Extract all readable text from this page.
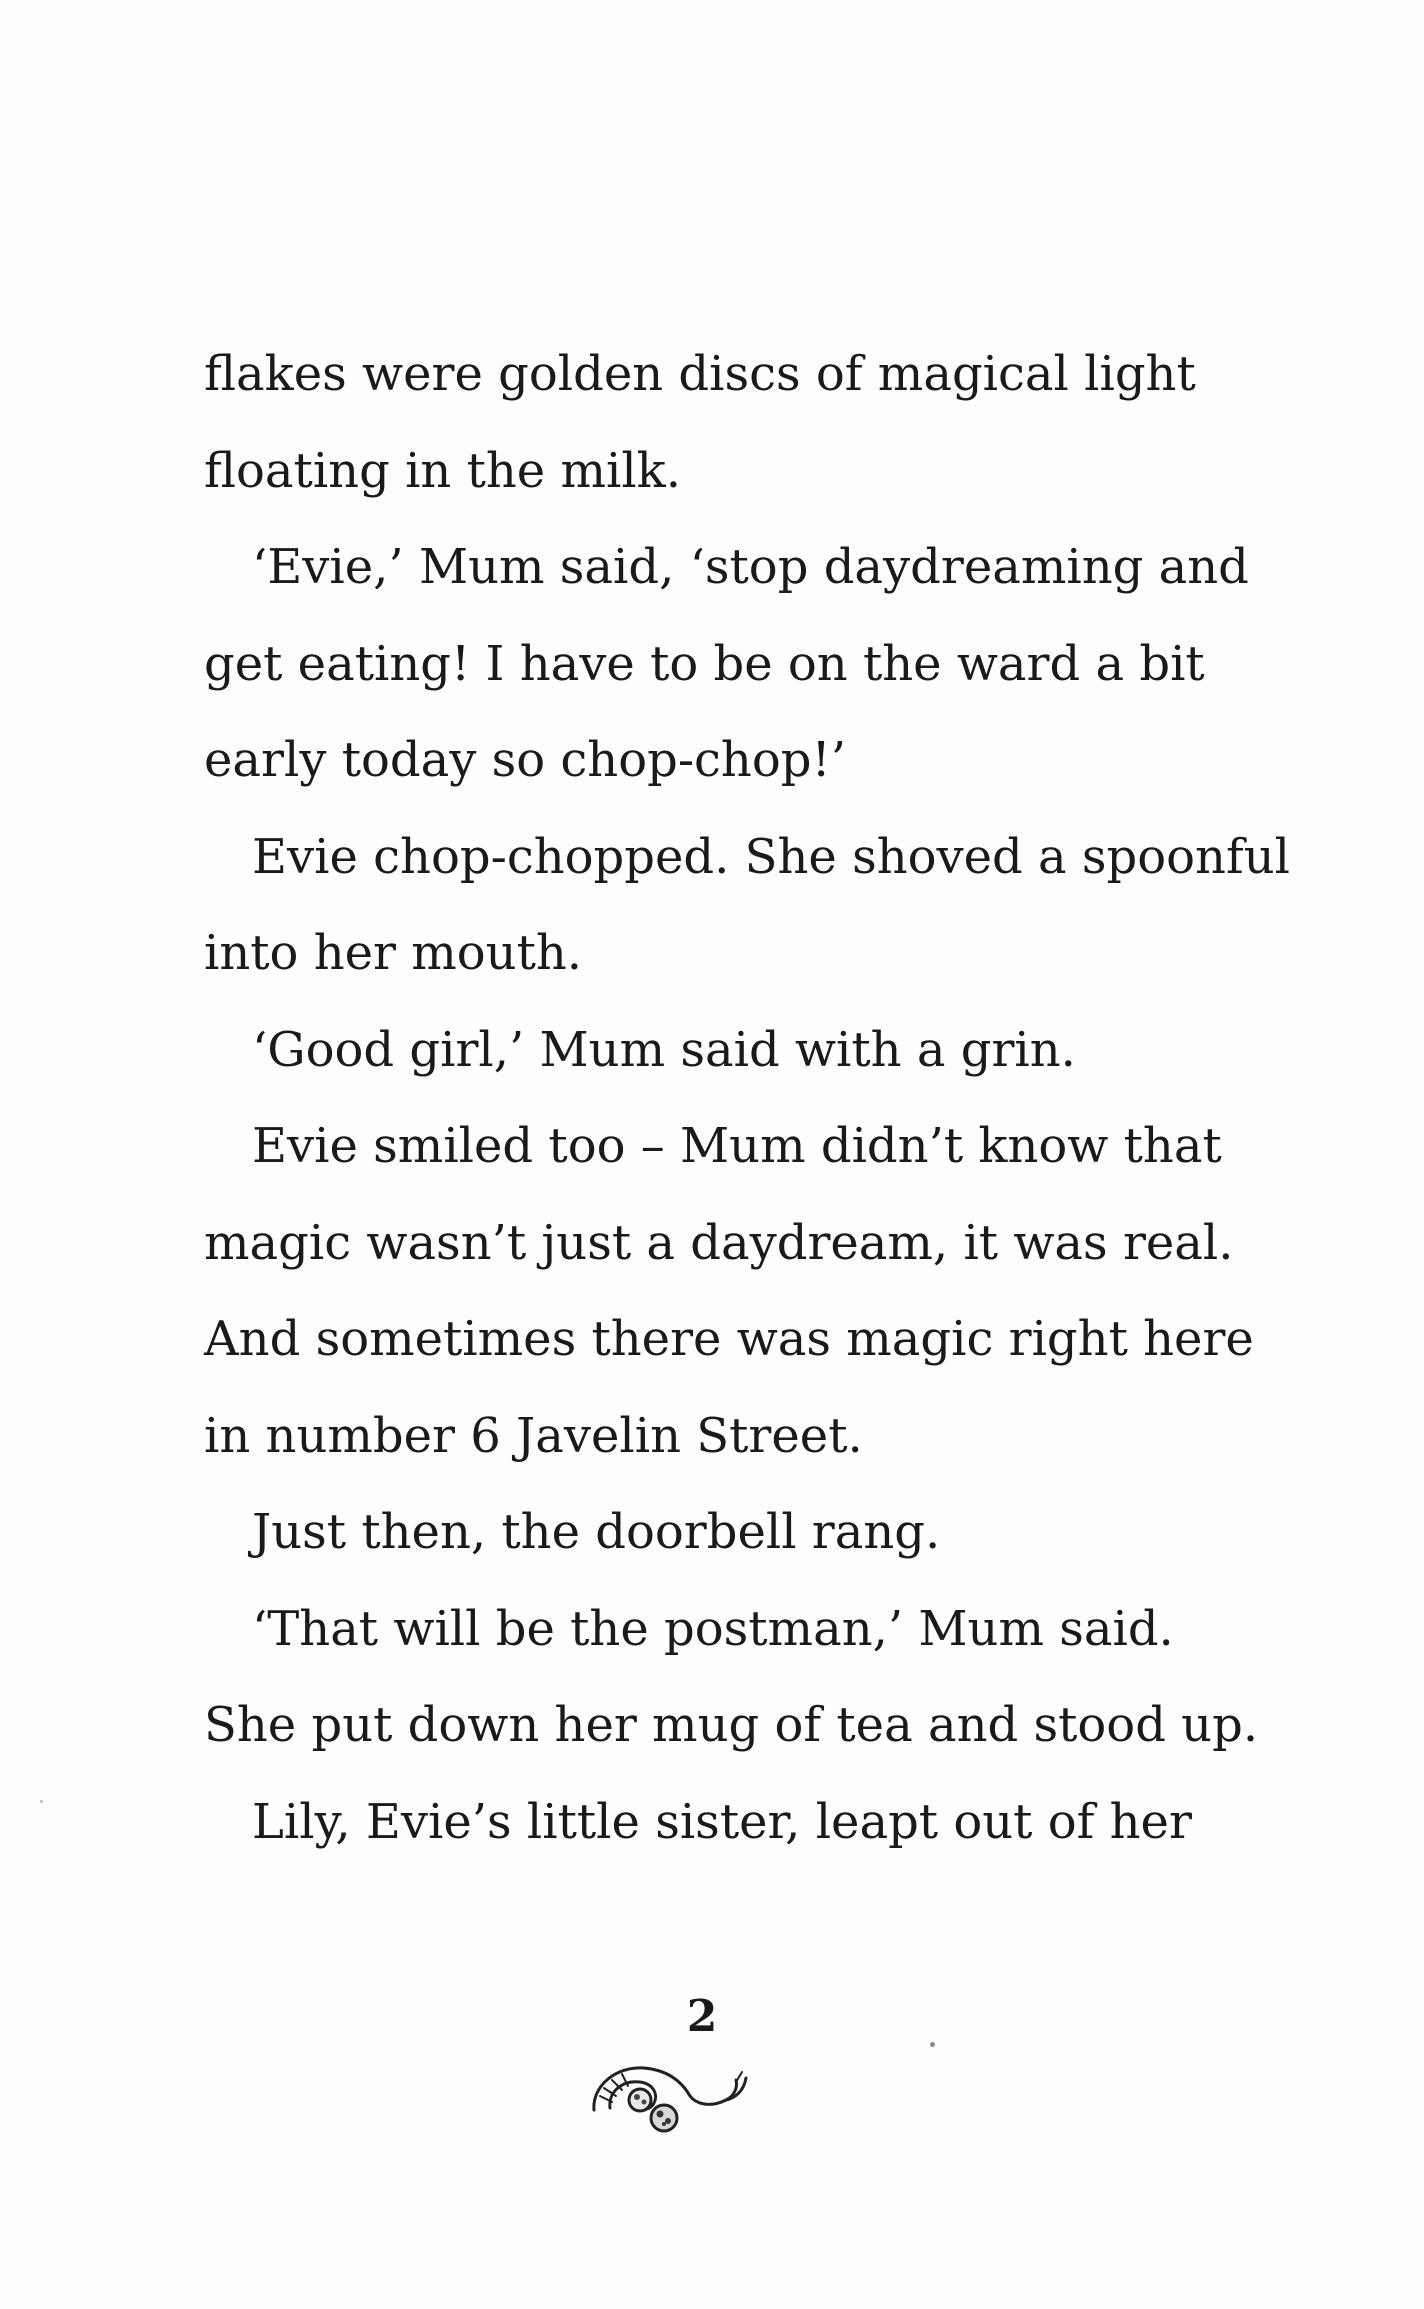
flakes were golden discs of magical light
floating in the milk.
‘Evie,’ Mum said, ‘stop daydreaming and
get eating! I have to be on the ward a bit
early today so chop-chop!’
Evie chop-chopped. She shoved a spoonful
into her mouth.
‘Good girl,’ Mum said with a grin.
Evie smiled too – Mum didn’t know that
magic wasn’t just a daydream, it was real.
And sometimes there was magic right here
in number 6 Javelin Street.
Just then, the doorbell rang.
‘That will be the postman,’ Mum said.
She put down her mug of tea and stood up.
Lily, Evie’s little sister, leapt out of her
2
